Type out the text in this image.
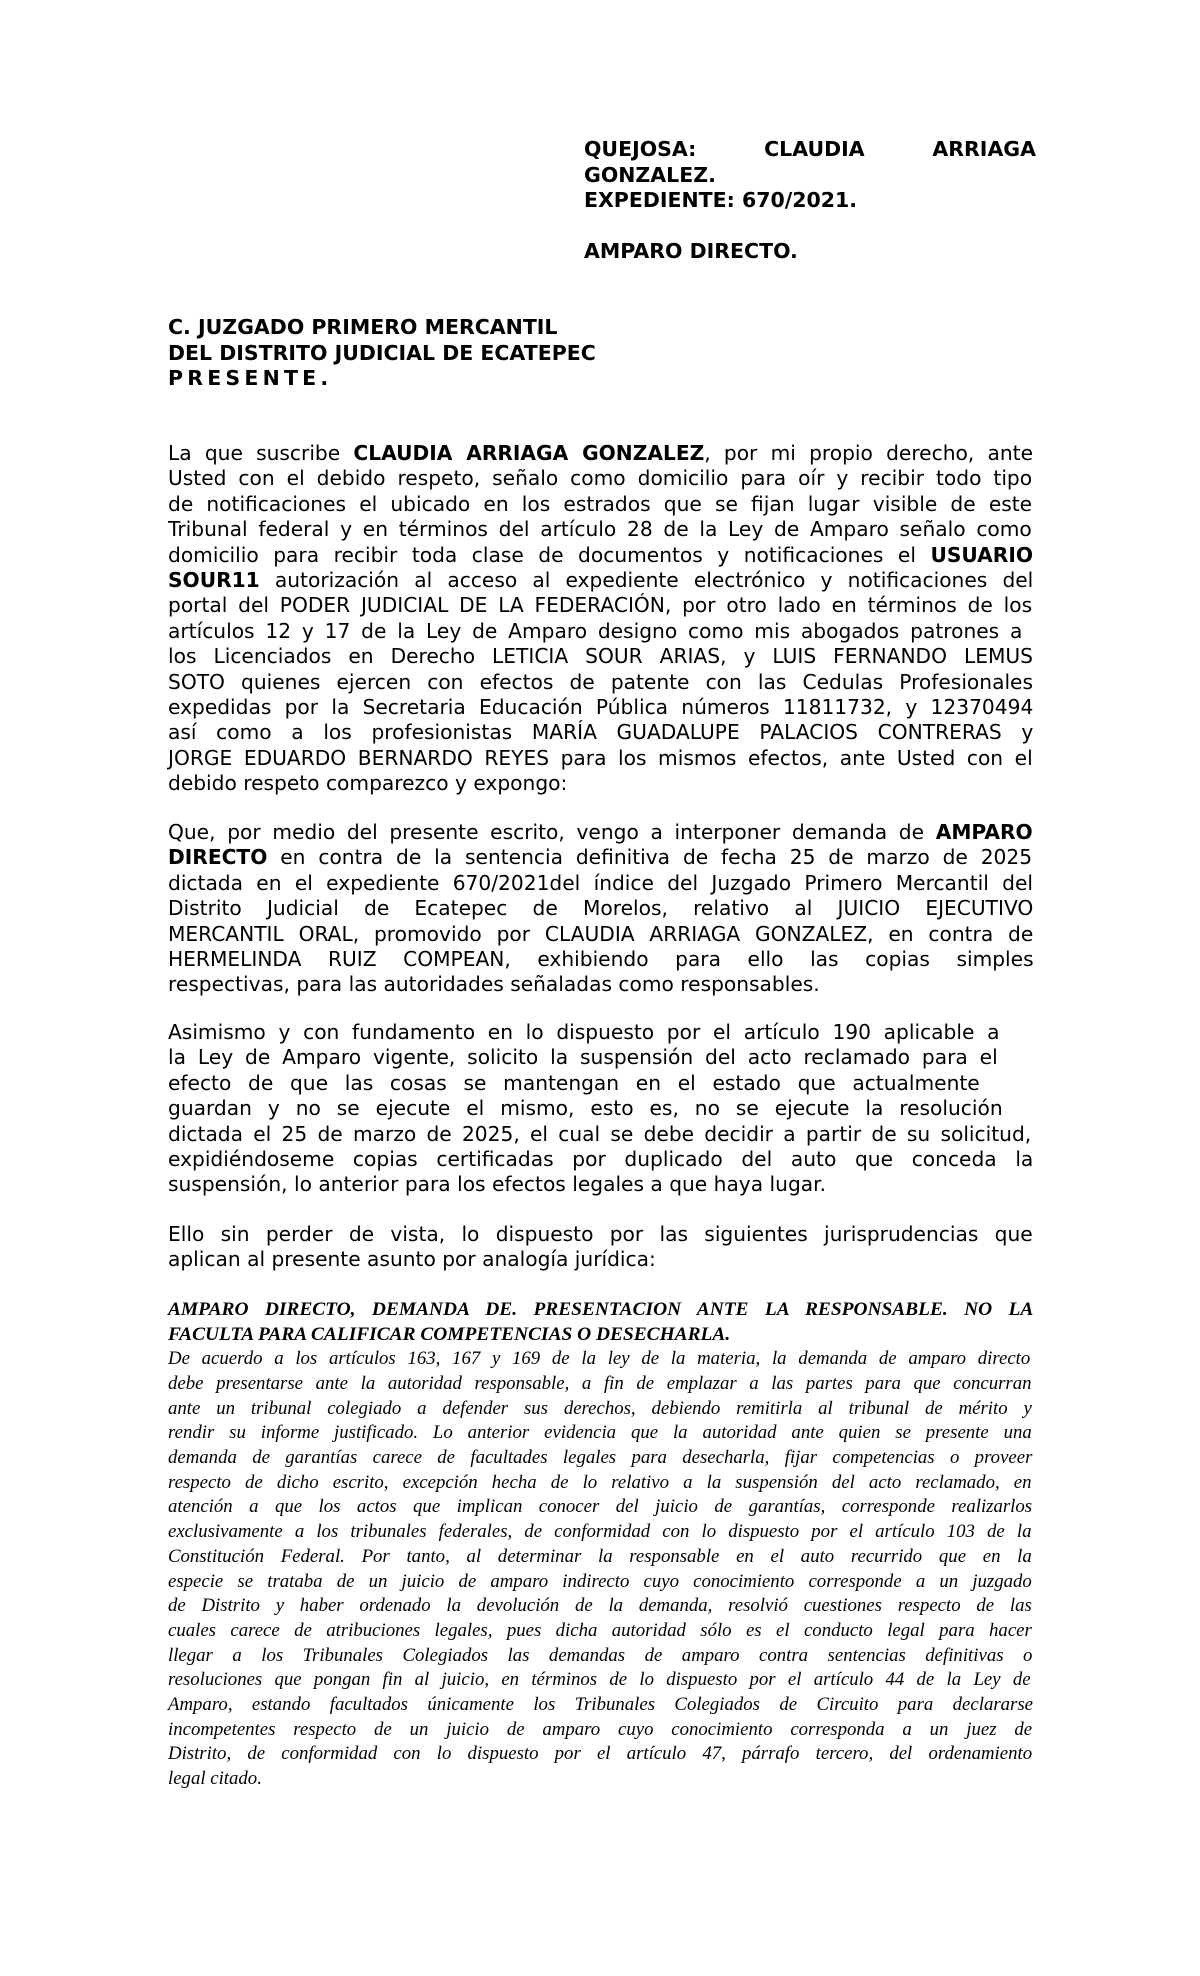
QUEJOSA:	CLAUDIA	ARRIAGA
GONZALEZ.
EXPEDIENTE: 670/2021.
AMPARO DIRECTO.
C. JUZGADO PRIMERO MERCANTIL
DEL DISTRITO JUDICIAL DE ECATEPEC
PRESENTE.
La que suscribe CLAUDIA ARRIAGA GONZALEZ, por mi propio derecho, ante
Usted con el debido respeto, señalo como domicilio para oír y recibir todo tipo
de notificaciones el ubicado en los estrados que se fijan lugar visible de este
Tribunal federal y en términos del artículo 28 de la Ley de Amparo señalo como
domicilio para recibir toda clase de documentos y notificaciones el USUARIO
SOUR11 autorización al acceso al expediente electrónico y notificaciones del
portal del PODER JUDICIAL DE LA FEDERACIÓN, por otro lado en términos de los
artículos 12 y 17 de la Ley de Amparo designo como mis abogados patrones a
los Licenciados en Derecho LETICIA SOUR ARIAS, y LUIS FERNANDO LEMUS
SOTO quienes ejercen con efectos de patente con las Cedulas Profesionales
expedidas por la Secretaria Educación Pública números 11811732, y 12370494
así como a los profesionistas MARÍA GUADALUPE PALACIOS CONTRERAS y
JORGE EDUARDO BERNARDO REYES para los mismos efectos, ante Usted con el
debido respeto comparezco y expongo:
Que, por medio del presente escrito, vengo a interponer demanda de AMPARO
DIRECTO en contra de la sentencia definitiva de fecha 25 de marzo de 2025
dictada en el expediente 670/2021del índice del Juzgado Primero Mercantil del
Distrito Judicial de Ecatepec de Morelos, relativo al JUICIO EJECUTIVO
MERCANTIL ORAL, promovido por CLAUDIA ARRIAGA GONZALEZ, en contra de
HERMELINDA RUIZ COMPEAN, exhibiendo para ello las copias simples
respectivas, para las autoridades señaladas como responsables.
Asimismo y con fundamento en lo dispuesto por el artículo 190 aplicable a
la Ley de Amparo vigente, solicito la suspensión del acto reclamado para el
efecto de que las cosas se mantengan en el estado que actualmente
guardan y no se ejecute el mismo, esto es, no se ejecute la resolución
dictada el 25 de marzo de 2025, el cual se debe decidir a partir de su solicitud,
expidiéndoseme copias certificadas por duplicado del auto que conceda la
suspensión, lo anterior para los efectos legales a que haya lugar.
Ello sin perder de vista, lo dispuesto por las siguientes jurisprudencias que
aplican al presente asunto por analogía jurídica:
AMPARO DIRECTO, DEMANDA DE. PRESENTACION ANTE LA RESPONSABLE. NO LA
FACULTA PARA CALIFICAR COMPETENCIAS O DESECHARLA.
De acuerdo a los artículos 163, 167 y 169 de la ley de la materia, la demanda de amparo directo
debe presentarse ante la autoridad responsable, a fin de emplazar a las partes para que concurran
ante un tribunal colegiado a defender sus derechos, debiendo remitirla al tribunal de mérito y
rendir su informe justificado. Lo anterior evidencia que la autoridad ante quien se presente una
demanda de garantías carece de facultades legales para desecharla, fijar competencias o proveer
respecto de dicho escrito, excepción hecha de lo relativo a la suspensión del acto reclamado, en
atención a que los actos que implican conocer del juicio de garantías, corresponde realizarlos
exclusivamente a los tribunales federales, de conformidad con lo dispuesto por el artículo 103 de la
Constitución Federal. Por tanto, al determinar la responsable en el auto recurrido que en la
especie se trataba de un juicio de amparo indirecto cuyo conocimiento corresponde a un juzgado
de Distrito y haber ordenado la devolución de la demanda, resolvió cuestiones respecto de las
cuales carece de atribuciones legales, pues dicha autoridad sólo es el conducto legal para hacer
llegar a los Tribunales Colegiados las demandas de amparo contra sentencias definitivas o
resoluciones que pongan fin al juicio, en términos de lo dispuesto por el artículo 44 de la Ley de
Amparo, estando facultados únicamente los Tribunales Colegiados de Circuito para declararse
incompetentes respecto de un juicio de amparo cuyo conocimiento corresponda a un juez de
Distrito, de conformidad con lo dispuesto por el artículo 47, párrafo tercero, del ordenamiento
legal citado.
